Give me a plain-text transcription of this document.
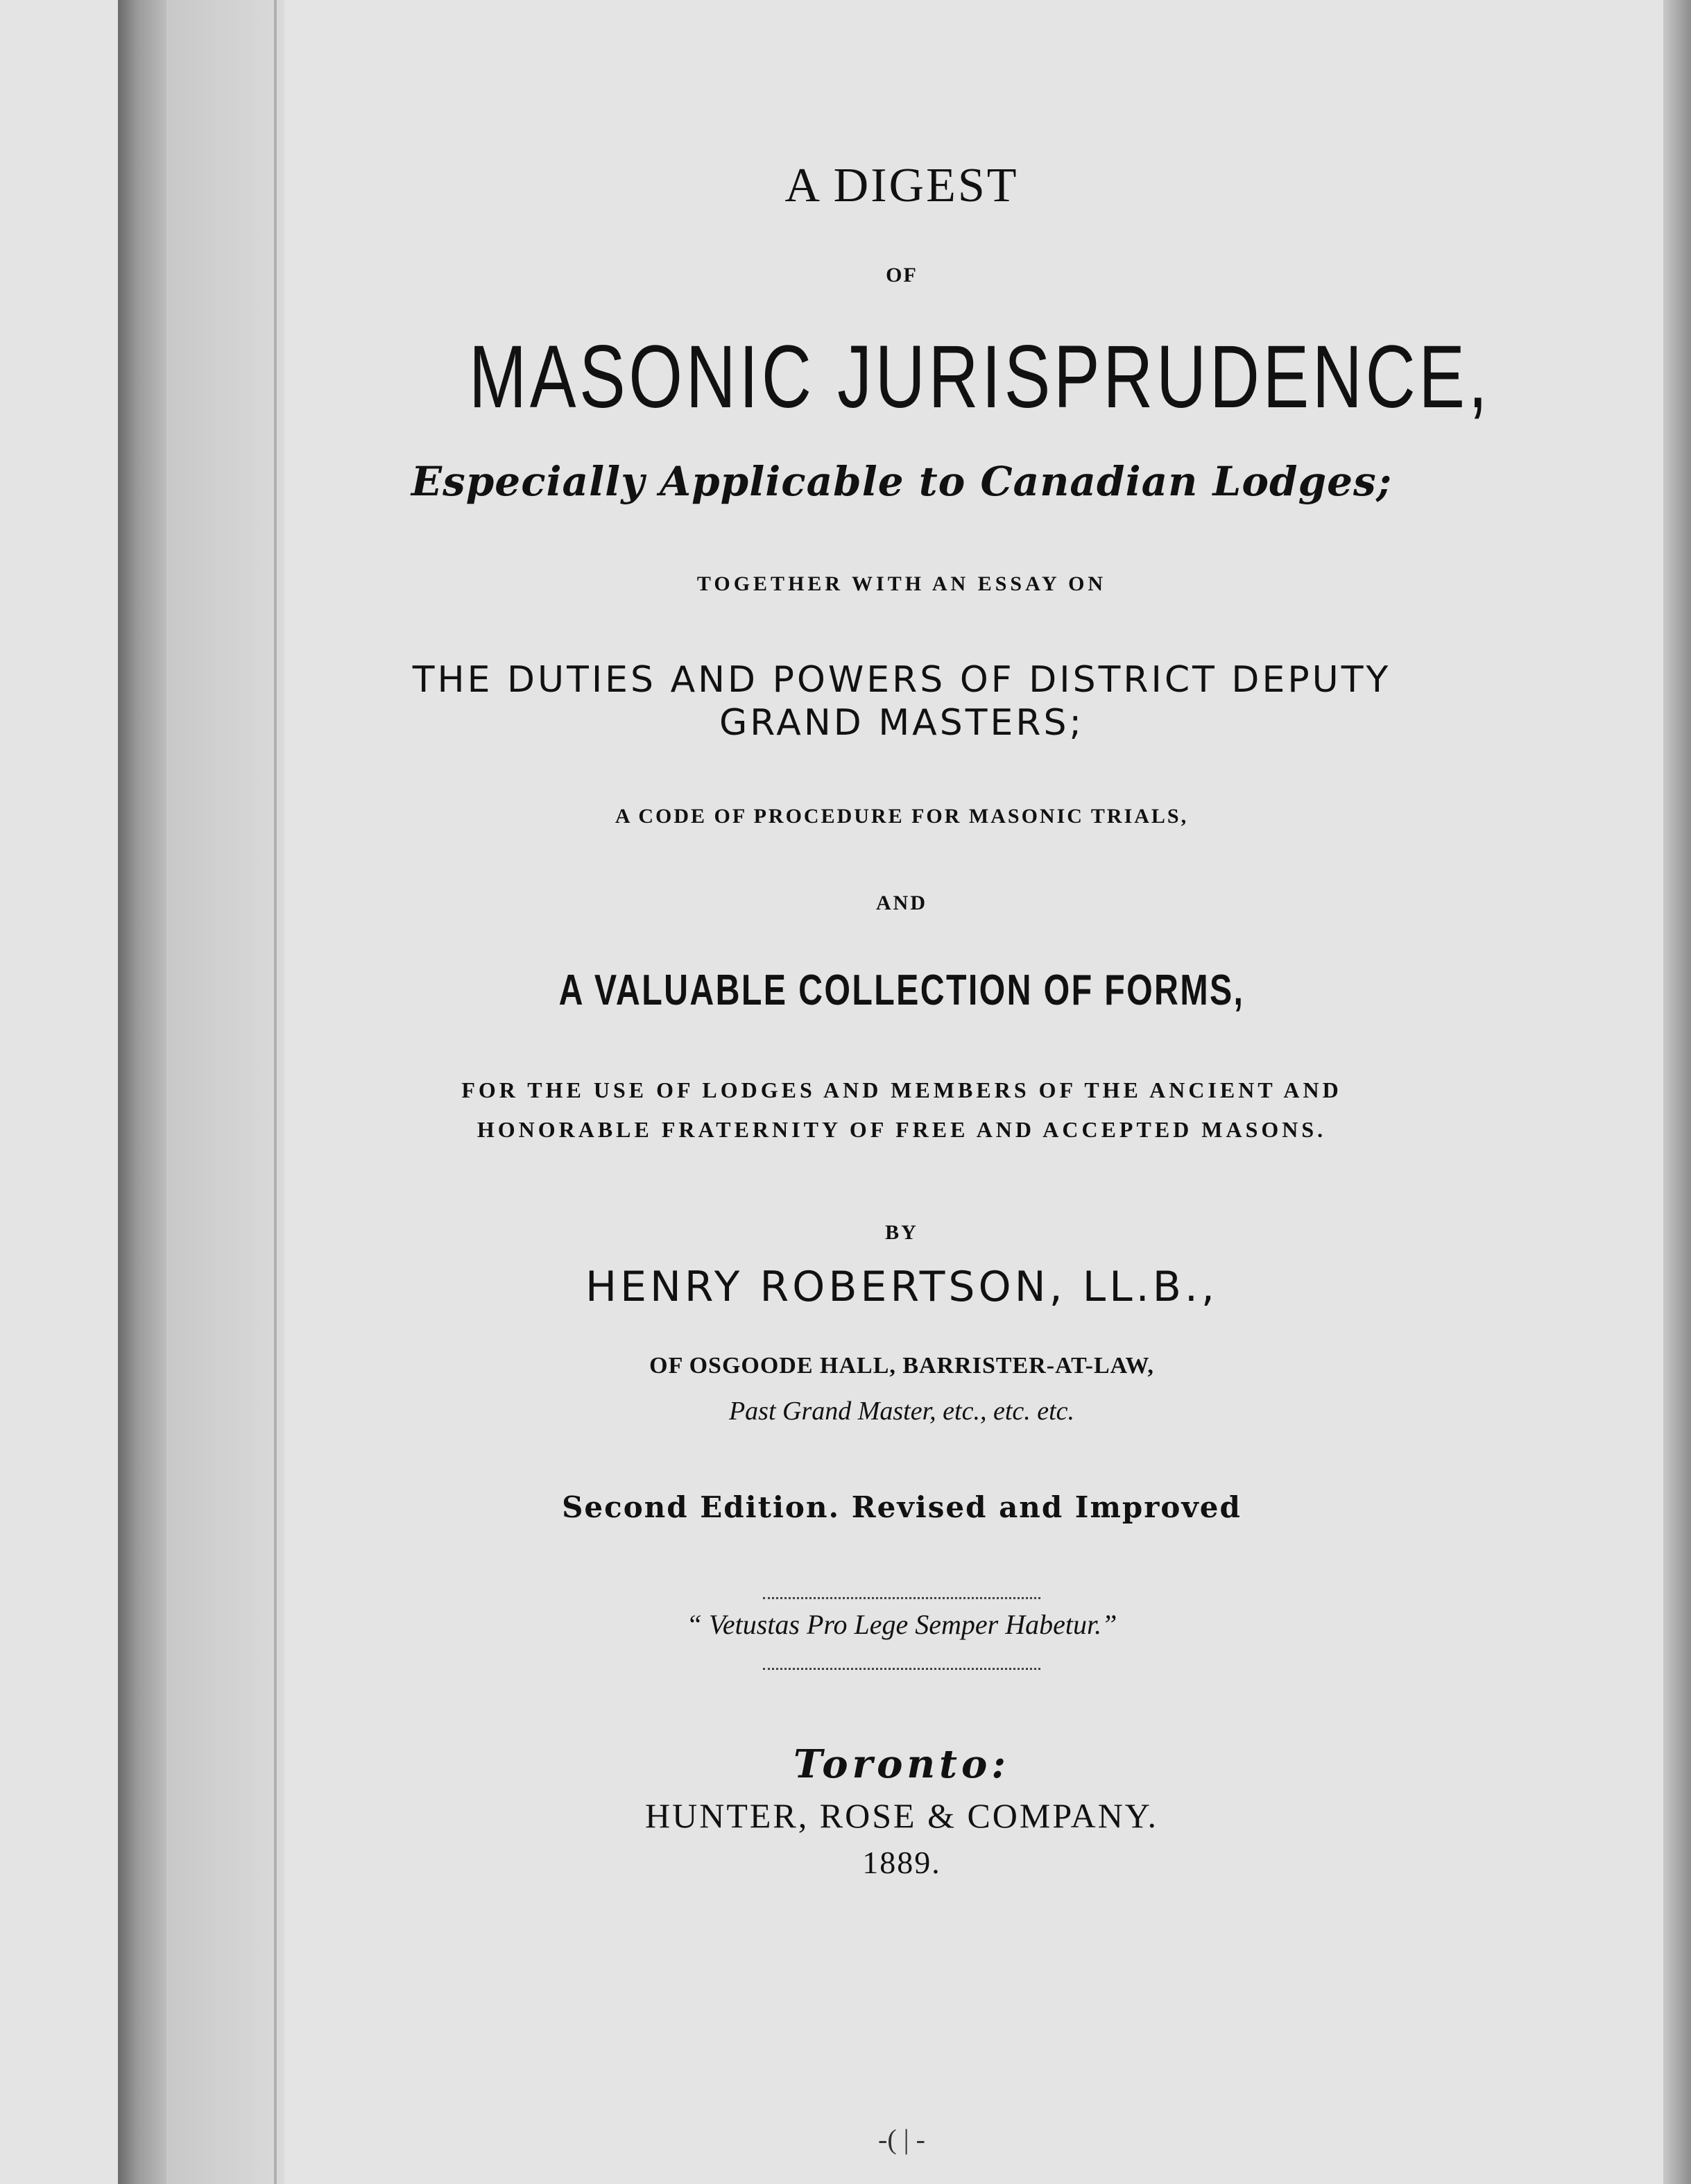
A DIGEST
OF
MASONIC JURISPRUDENCE,
Especially Applicable to Canadian Lodges;
TOGETHER WITH AN ESSAY ON
THE DUTIES AND POWERS OF DISTRICT DEPUTY
GRAND MASTERS;
A CODE OF PROCEDURE FOR MASONIC TRIALS,
AND
A VALUABLE COLLECTION OF FORMS,
FOR THE USE OF LODGES AND MEMBERS OF THE ANCIENT AND
HONORABLE FRATERNITY OF FREE AND ACCEPTED MASONS.
BY
HENRY ROBERTSON, LL.B.,
OF OSGOODE HALL, BARRISTER-AT-LAW,
Past Grand Master, etc., etc. etc.
Second Edition. Revised and Improved
“ Vetustas Pro Lege Semper Habetur.”
Toronto:
HUNTER, ROSE & COMPANY.
1889.
-( | -
